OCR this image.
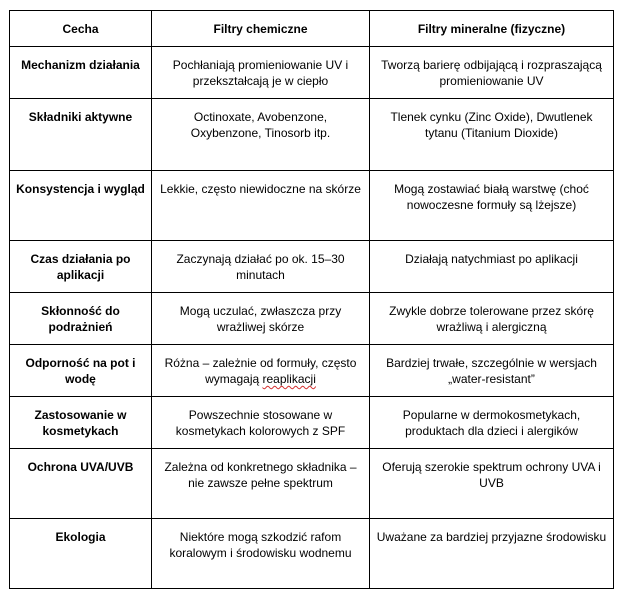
Cecha	Filtry chemiczne	Filtry mineralne (fizyczne)
Mechanizm działania	Pochłaniają promieniowanie UV i przekształcają je w ciepło	Tworzą barierę odbijającą i rozpraszającą promieniowanie UV
Składniki aktywne	Octinoxate, Avobenzone, Oxybenzone, Tinosorb itp.	Tlenek cynku (Zinc Oxide), Dwutlenek tytanu (Titanium Dioxide)
Konsystencja i wygląd	Lekkie, często niewidoczne na skórze	Mogą zostawiać białą warstwę (choć nowoczesne formuły są lżejsze)
Czas działania po aplikacji	Zaczynają działać po ok. 15–30 minutach	Działają natychmiast po aplikacji
Skłonność do podrażnień	Mogą uczulać, zwłaszcza przy wrażliwej skórze	Zwykle dobrze tolerowane przez skórę wrażliwą i alergiczną
Odporność na pot i wodę	Różna – zależnie od formuły, często wymagają reaplikacji	Bardziej trwałe, szczególnie w wersjach „water-resistant”
Zastosowanie w kosmetykach	Powszechnie stosowane w kosmetykach kolorowych z SPF	Popularne w dermokosmetykach, produktach dla dzieci i alergików
Ochrona UVA/UVB	Zależna od konkretnego składnika – nie zawsze pełne spektrum	Oferują szerokie spektrum ochrony UVA i UVB
Ekologia	Niektóre mogą szkodzić rafom koralowym i środowisku wodnemu	Uważane za bardziej przyjazne środowisku
